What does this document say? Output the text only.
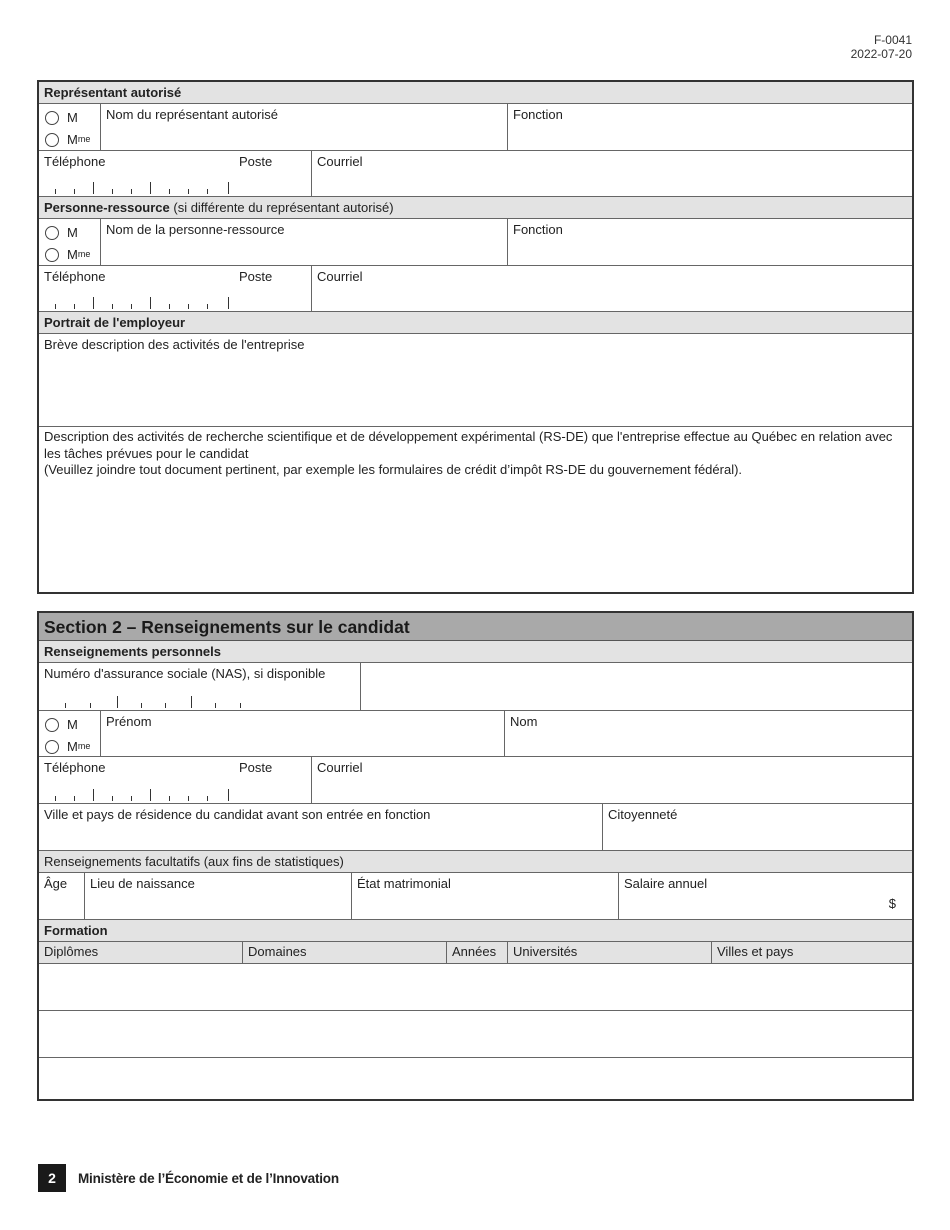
F-0041
2022-07-20
Représentant autorisé
M
$M^{me}$
Nom du représentant autorisé	Fonction
Téléphone	Poste	Courriel
Personne-ressource
(si différente du représentant autorisé)
M
$M^{me}$
Nom de la personne-ressource	Fonction
Téléphone	Poste	Courriel
Portrait de l'employeur
Brève description des activités de l'entreprise
Description des activités de recherche scientifique et de développement expérimental (RS-DE) que l'entreprise effectue au Québec en relation avec les tâches prévues pour le candidat
(Veuillez joindre tout document pertinent, par exemple les formulaires de crédit d’impôt RS-DE du gouvernement fédéral).
Section 2 – Renseignements sur le candidat
Renseignements personnels
Numéro d'assurance sociale (NAS), si disponible
M
$M^{me}$
Prénom	Nom
Téléphone	Poste	Courriel
Ville et pays de résidence du candidat avant son entrée en fonction	Citoyenneté
Renseignements facultatifs (aux fins de statistiques)
Âge	Lieu de naissance	État matrimonial	Salaire annuel
$
Formation
Diplômes	Domaines	Années	Universités	Villes et pays
2	Ministère de l’Économie et de l’Innovation
